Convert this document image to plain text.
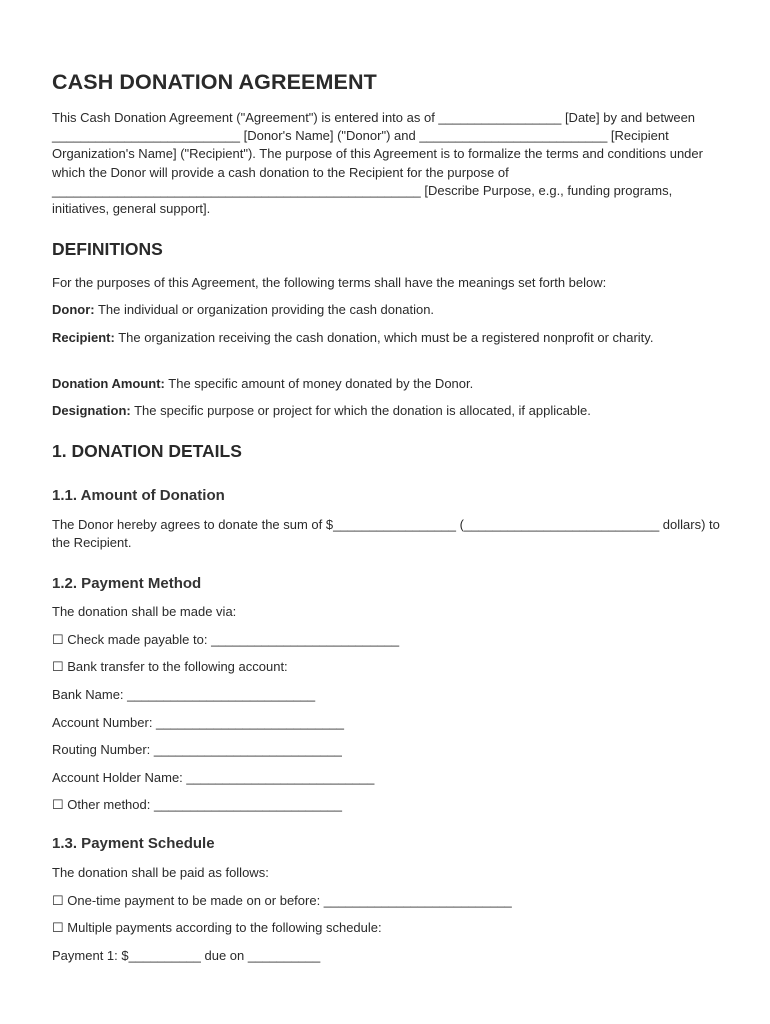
CASH DONATION AGREEMENT

This Cash Donation Agreement ("Agreement") is entered into as of _________________ [Date] by and between __________________________ [Donor's Name] ("Donor") and __________________________ [Recipient Organization's Name] ("Recipient"). The purpose of this Agreement is to formalize the terms and conditions under which the Donor will provide a cash donation to the Recipient for the purpose of ___________________________________________________ [Describe Purpose, e.g., funding programs, initiatives, general support].

DEFINITIONS

For the purposes of this Agreement, the following terms shall have the meanings set forth below:

Donor: The individual or organization providing the cash donation.

Recipient: The organization receiving the cash donation, which must be a registered nonprofit or charity.

Donation Amount: The specific amount of money donated by the Donor.

Designation: The specific purpose or project for which the donation is allocated, if applicable.

1. DONATION DETAILS
1.1. Amount of Donation

The Donor hereby agrees to donate the sum of $_________________ (___________________________ dollars) to the Recipient.

1.2. Payment Method

The donation shall be made via:

☐ Check made payable to: __________________________

☐ Bank transfer to the following account:

Bank Name: __________________________

Account Number: __________________________

Routing Number: __________________________

Account Holder Name: __________________________

☐ Other method: __________________________

1.3. Payment Schedule

The donation shall be paid as follows:

☐ One-time payment to be made on or before: __________________________

☐ Multiple payments according to the following schedule:

Payment 1: $__________ due on __________
